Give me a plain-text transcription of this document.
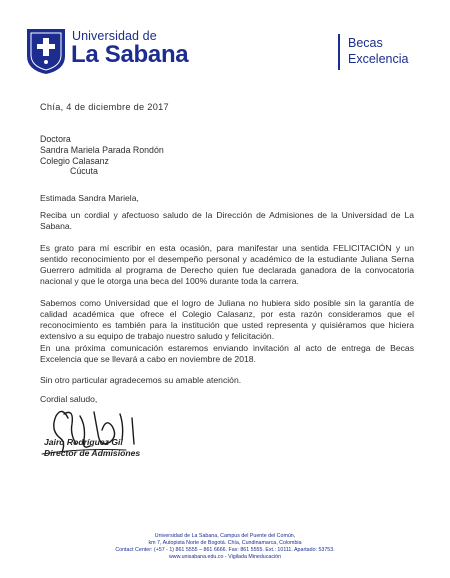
Universidad de
La Sabana	Becas
Excelencia
Chía, 4 de diciembre de 2017
Doctora
Sandra Mariela Parada Rondón
Colegio Calasanz
Cúcuta
Estimada Sandra Mariela,
Reciba un cordial y afectuoso saludo de la Dirección de Admisiones de la Universidad de La Sabana.
Es grato para mí escribir en esta ocasión, para manifestar una sentida FELICITACIÓN y un sentido reconocimiento por el desempeño personal y académico de la estudiante Juliana Serna Guerrero admitida al programa de Derecho quien fue declarada ganadora de la convocatoria nacional y que le otorga una beca del 100% durante toda la carrera.
Sabemos como Universidad que el logro de Juliana no hubiera sido posible sin la garantía de calidad académica que ofrece el Colegio Calasanz, por esta razón consideramos que el reconocimiento es también para la institución que usted representa y quisiéramos que hiciera extensivo a su equipo de trabajo nuestro saludo y felicitación.
En una próxima comunicación estaremos enviando invitación al acto de entrega de Becas Excelencia que se llevará a cabo en noviembre de 2018.
Sin otro particular agradecemos su amable atención.
Cordial saludo,
Jairo Rodríguez Gil
Director de Admisiones
Universidad de La Sabana, Campus del Puente del Común,
km 7, Autopista Norte de Bogotá. Chía, Cundinamarca, Colombia
Contact Center: (+57 - 1) 861 5555 – 861 6666. Fax: 861 5555. Ext.: 10111. Apartado: 53753.
www.unisabana.edu.co - Vigilada Mineducación
